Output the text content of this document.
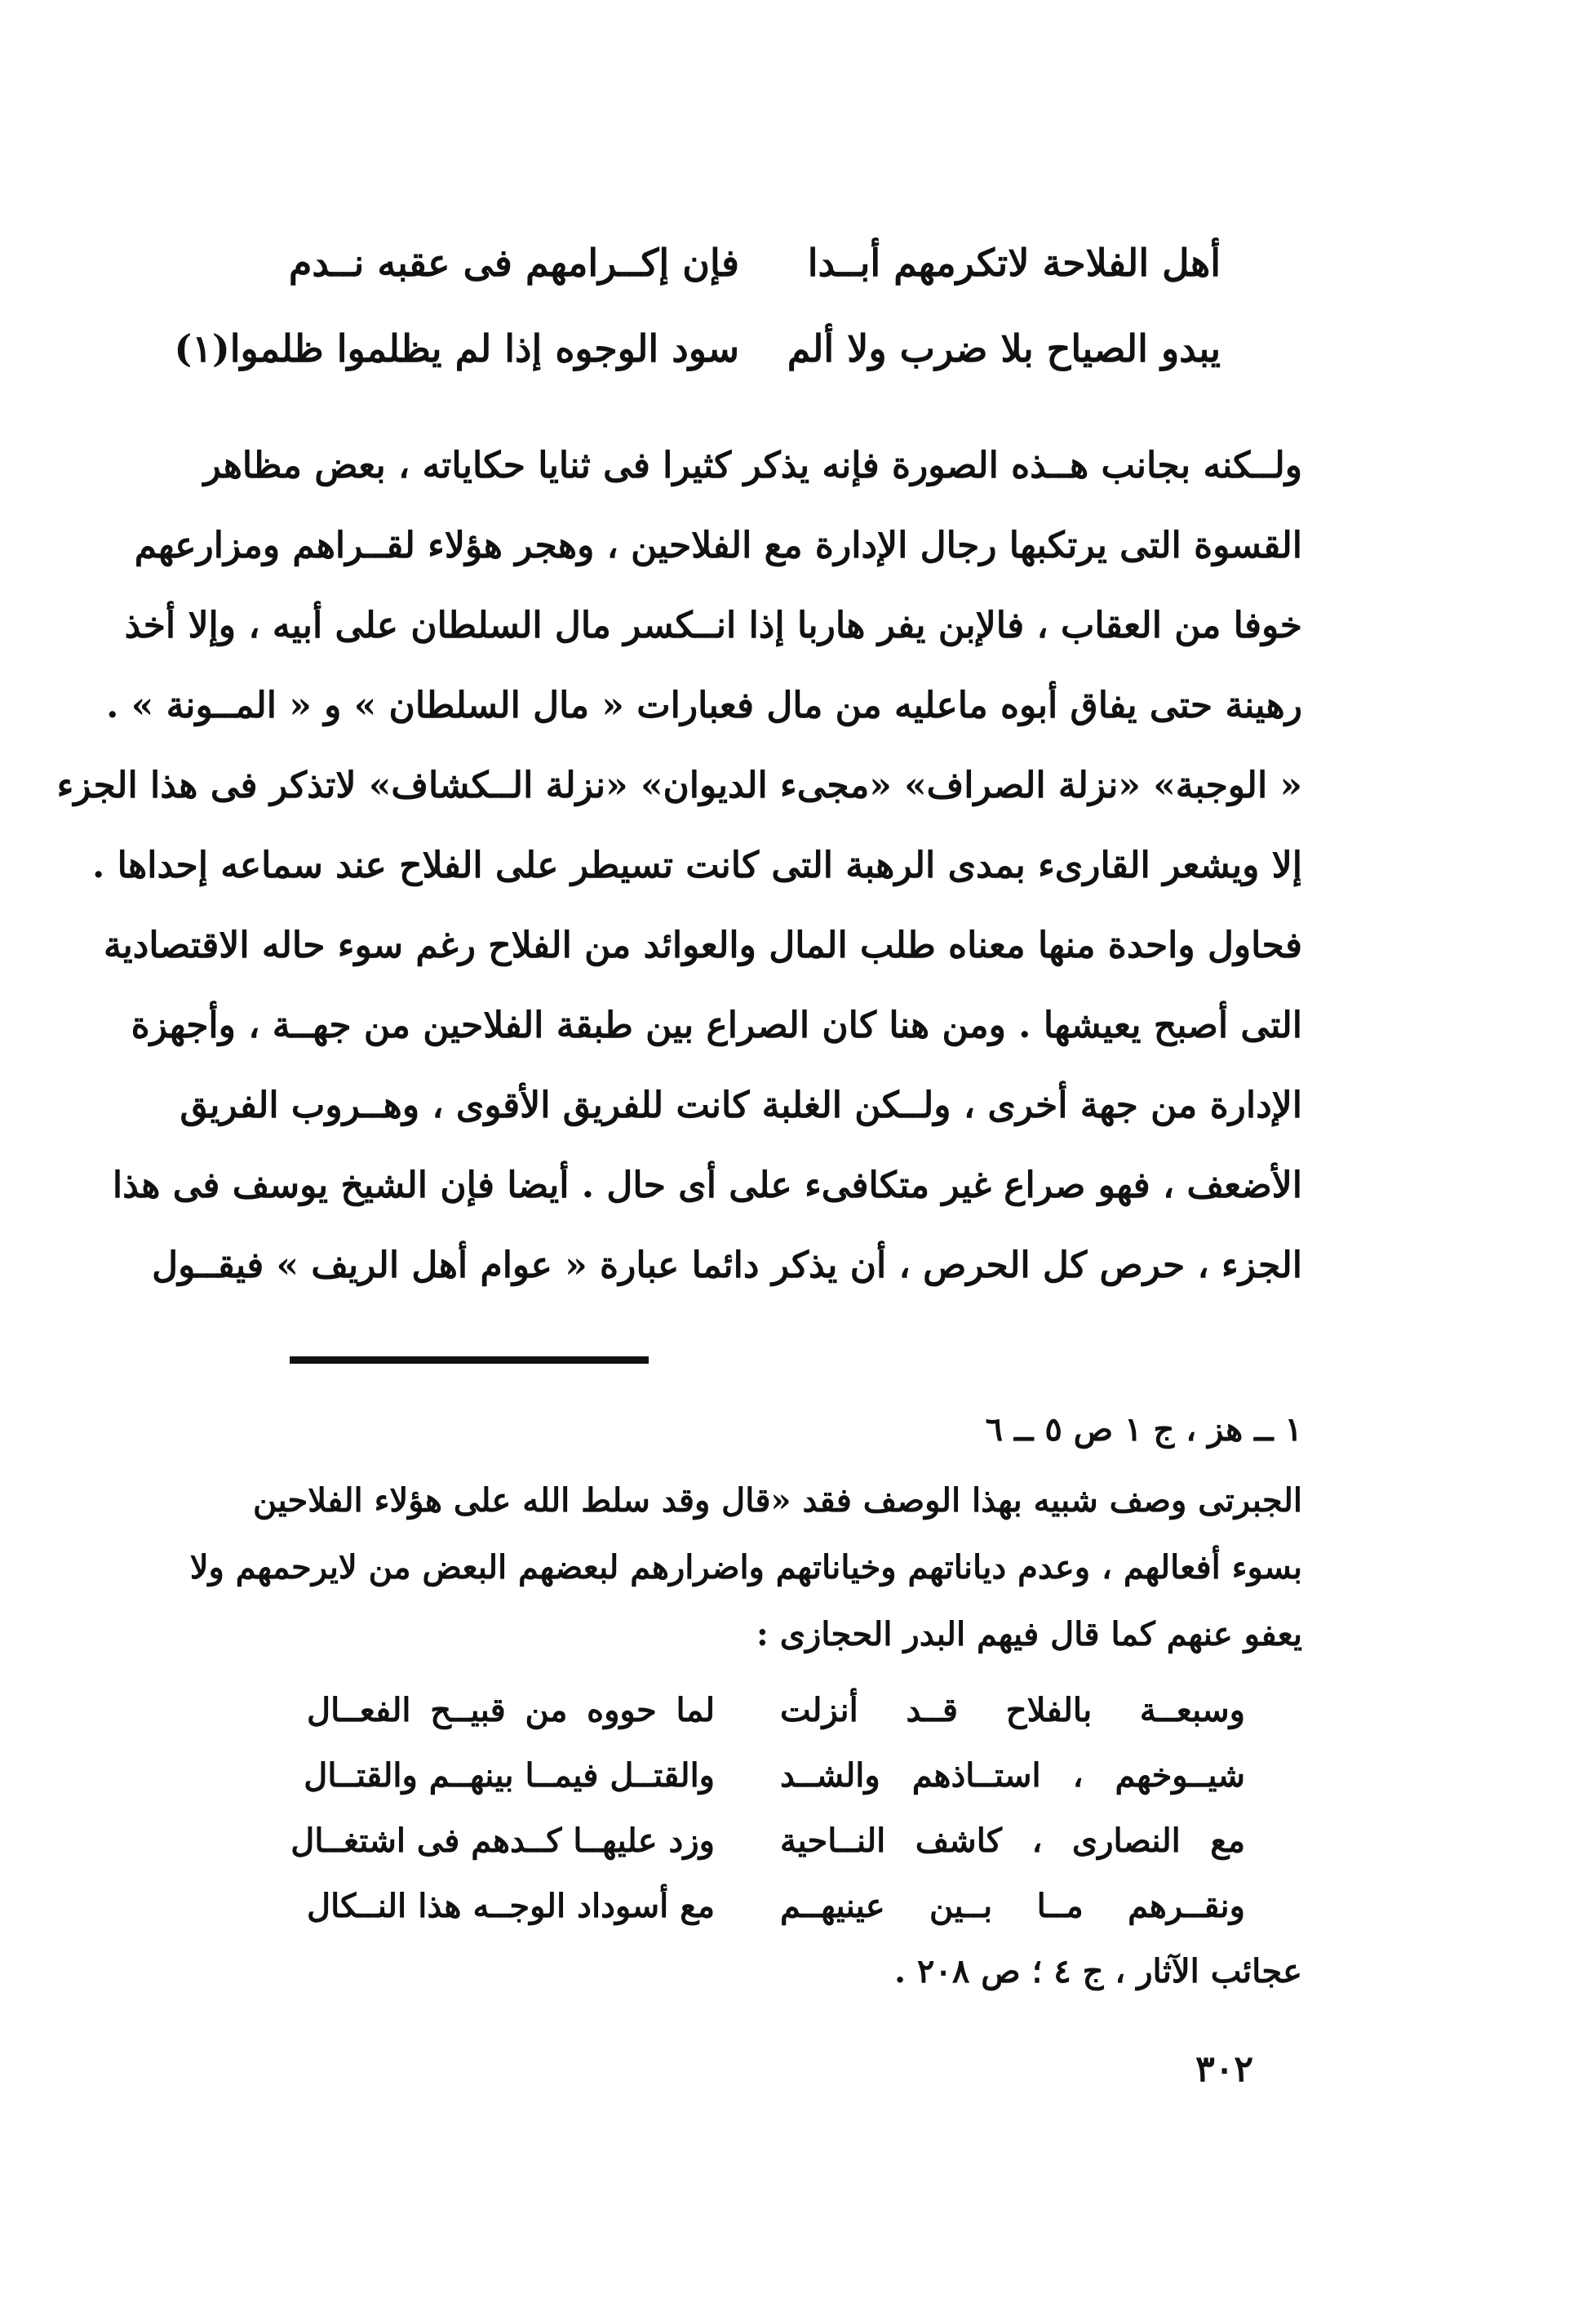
أهل الفلاحة لاتكرمهم أبــدا
فإن إكــرامهم فى عقبه نــدم
يبدو الصياح بلا ضرب ولا ألم
سود الوجوه إذا لم يظلموا ظلموا(١)
ولــكنه بجانب هــذه الصورة فإنه يذكر كثيرا فى ثنايا حكاياته ، بعض مظاهر
القسوة التى يرتكبها رجال الإدارة مع الفلاحين ، وهجر هؤلاء لقــراهم ومزارعهم
خوفا من العقاب ، فالإبن يفر هاربا إذا انــكسر مال السلطان على أبيه ، وإلا أخذ
رهينة حتى يفاق أبوه ماعليه من مال فعبارات « مال السلطان » و « المــونة » .
« الوجبة» «نزلة الصراف» «مجىء الديوان» «نزلة الــكشاف» لاتذكر فى هذا الجزء
إلا ويشعر القارىء بمدى الرهبة التى كانت تسيطر على الفلاح عند سماعه إحداها .
فحاول واحدة منها معناه طلب المال والعوائد من الفلاح رغم سوء حاله الاقتصادية
التى أصبح يعيشها . ومن هنا كان الصراع بين طبقة الفلاحين من جهــة ، وأجهزة
الإدارة من جهة أخرى ، ولــكن الغلبة كانت للفريق الأقوى ، وهــروب الفريق
الأضعف ، فهو صراع غير متكافىء على أى حال . أيضا فإن الشيخ يوسف فى هذا
الجزء ، حرص كل الحرص ، أن يذكر دائما عبارة « عوام أهل الريف » فيقــول
١ ــ هز ، ج ١ ص ٥ ــ ٦
الجبرتى وصف شبيه بهذا الوصف فقد «قال وقد سلط الله على هؤلاء الفلاحين
بسوء أفعالهم ، وعدم دياناتهم وخياناتهم واضرارهم لبعضهم البعض من لايرحمهم ولا
يعفو عنهم كما قال فيهم البدر الحجازى :
وسبعــة بالفلاح قــد أنزلت
لما حووه من قبيــح الفعــال
شيــوخهم ، استــاذهم والشــد
والقتــل فيمــا بينهــم والقتــال
مع النصارى ، كاشف النــاحية
وزد عليهــا كــدهم فى اشتغــال
ونقــرهم مــا بــين عينيهــم
مع أسوداد الوجــه هذا النــكال
عجائب الآثار ، ج ٤ ؛ ص ٢٠٨ .
٣٠٢
